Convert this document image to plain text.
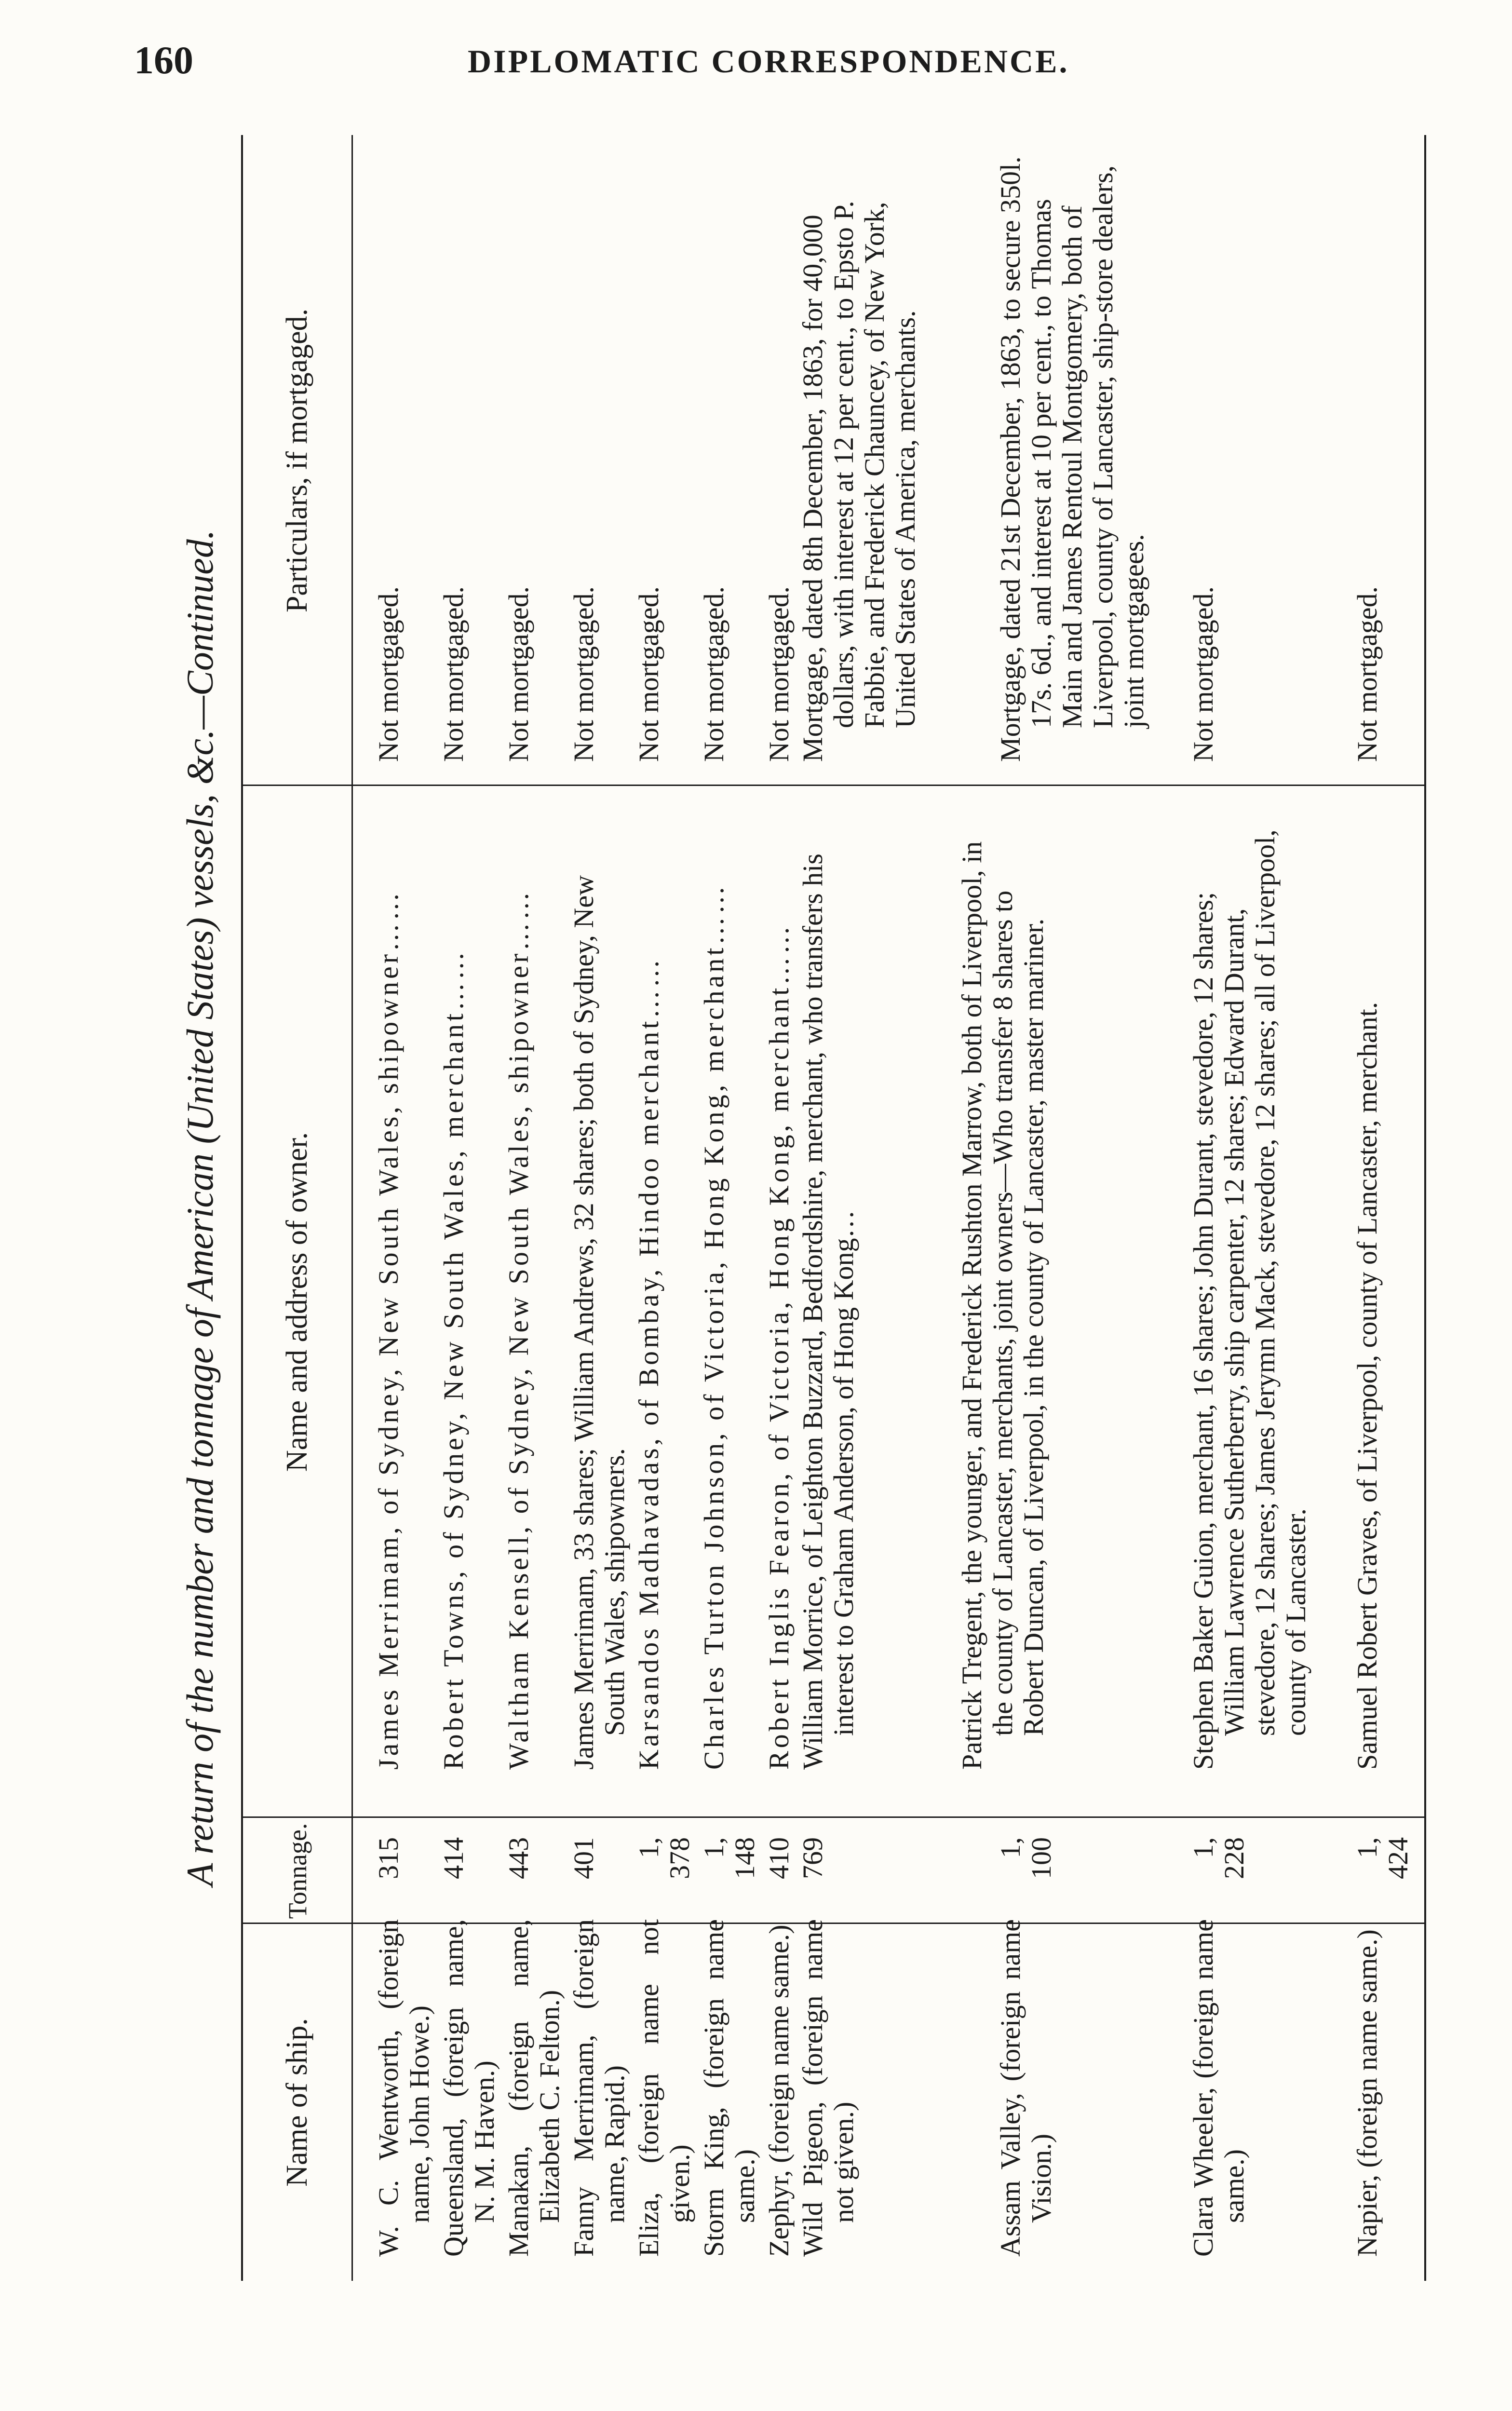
160	DIPLOMATIC CORRESPONDENCE.
A return of the number and tonnage of American (United States) vessels, &c.—Continued.
Name of ship.
Tonnage.
Name and address of owner.
Particulars, if mortgaged.
W. C. Wentworth, (foreign name, John Howe.)
315
James Merrimam, of Sydney, New South Wales, shipowner……
Not mortgaged.
Queensland, (foreign name, N. M. Haven.)
414
Robert Towns, of Sydney, New South Wales, merchant……
Not mortgaged.
Manakan, (foreign name, Elizabeth C. Felton.)
443
Waltham Kensell, of Sydney, New South Wales, shipowner……
Not mortgaged.
Fanny Merrimam, (foreign name, Rapid.)
401
James Merrimam, 33 shares; William Andrews, 32 shares; both of Sydney, New South Wales, shipowners.
Not mortgaged.
Eliza, (foreign name not given.)
1, 378
Karsandos Madhavadas, of Bombay, Hindoo merchant……
Not mortgaged.
Storm King, (foreign name same.)
1, 148
Charles Turton Johnson, of Victoria, Hong Kong, merchant……
Not mortgaged.
Zephyr, (foreign name same.)
410
Robert Inglis Fearon, of Victoria, Hong Kong, merchant……
Not mortgaged.
Wild Pigeon, (foreign name not given.)
769
William Morrice, of Leighton Buzzard, Bedfordshire, merchant, who transfers his interest to Graham Anderson, of Hong Kong…
Mortgage, dated 8th December, 1863, for 40,000 dollars, with interest at 12 per cent., to Epsto P. Fabbie, and Frederick Chauncey, of New York, United States of America, merchants.
Assam Valley, (foreign name Vision.)
1, 100
Patrick Tregent, the younger, and Frederick Rushton Marrow, both of Liverpool, in the county of Lancaster, merchants, joint owners—Who transfer 8 shares to Robert Duncan, of Liverpool, in the county of Lancaster, master mariner.
Mortgage, dated 21st December, 1863, to secure 350l. 17s. 6d., and interest at 10 per cent., to Thomas Main and James Rentoul Montgomery, both of Liverpool, county of Lancaster, ship-store dealers, joint mortgagees.
Clara Wheeler, (foreign name same.)
1, 228
Stephen Baker Guion, merchant, 16 shares; John Durant, stevedore, 12 shares; William Lawrence Sutherberry, ship carpenter, 12 shares; Edward Durant, stevedore, 12 shares; James Jerymn Mack, stevedore, 12 shares; all of Liverpool, county of Lancaster.
Not mortgaged.
Napier, (foreign name same.)
1, 424
Samuel Robert Graves, of Liverpool, county of Lancaster, merchant.
Not mortgaged.
